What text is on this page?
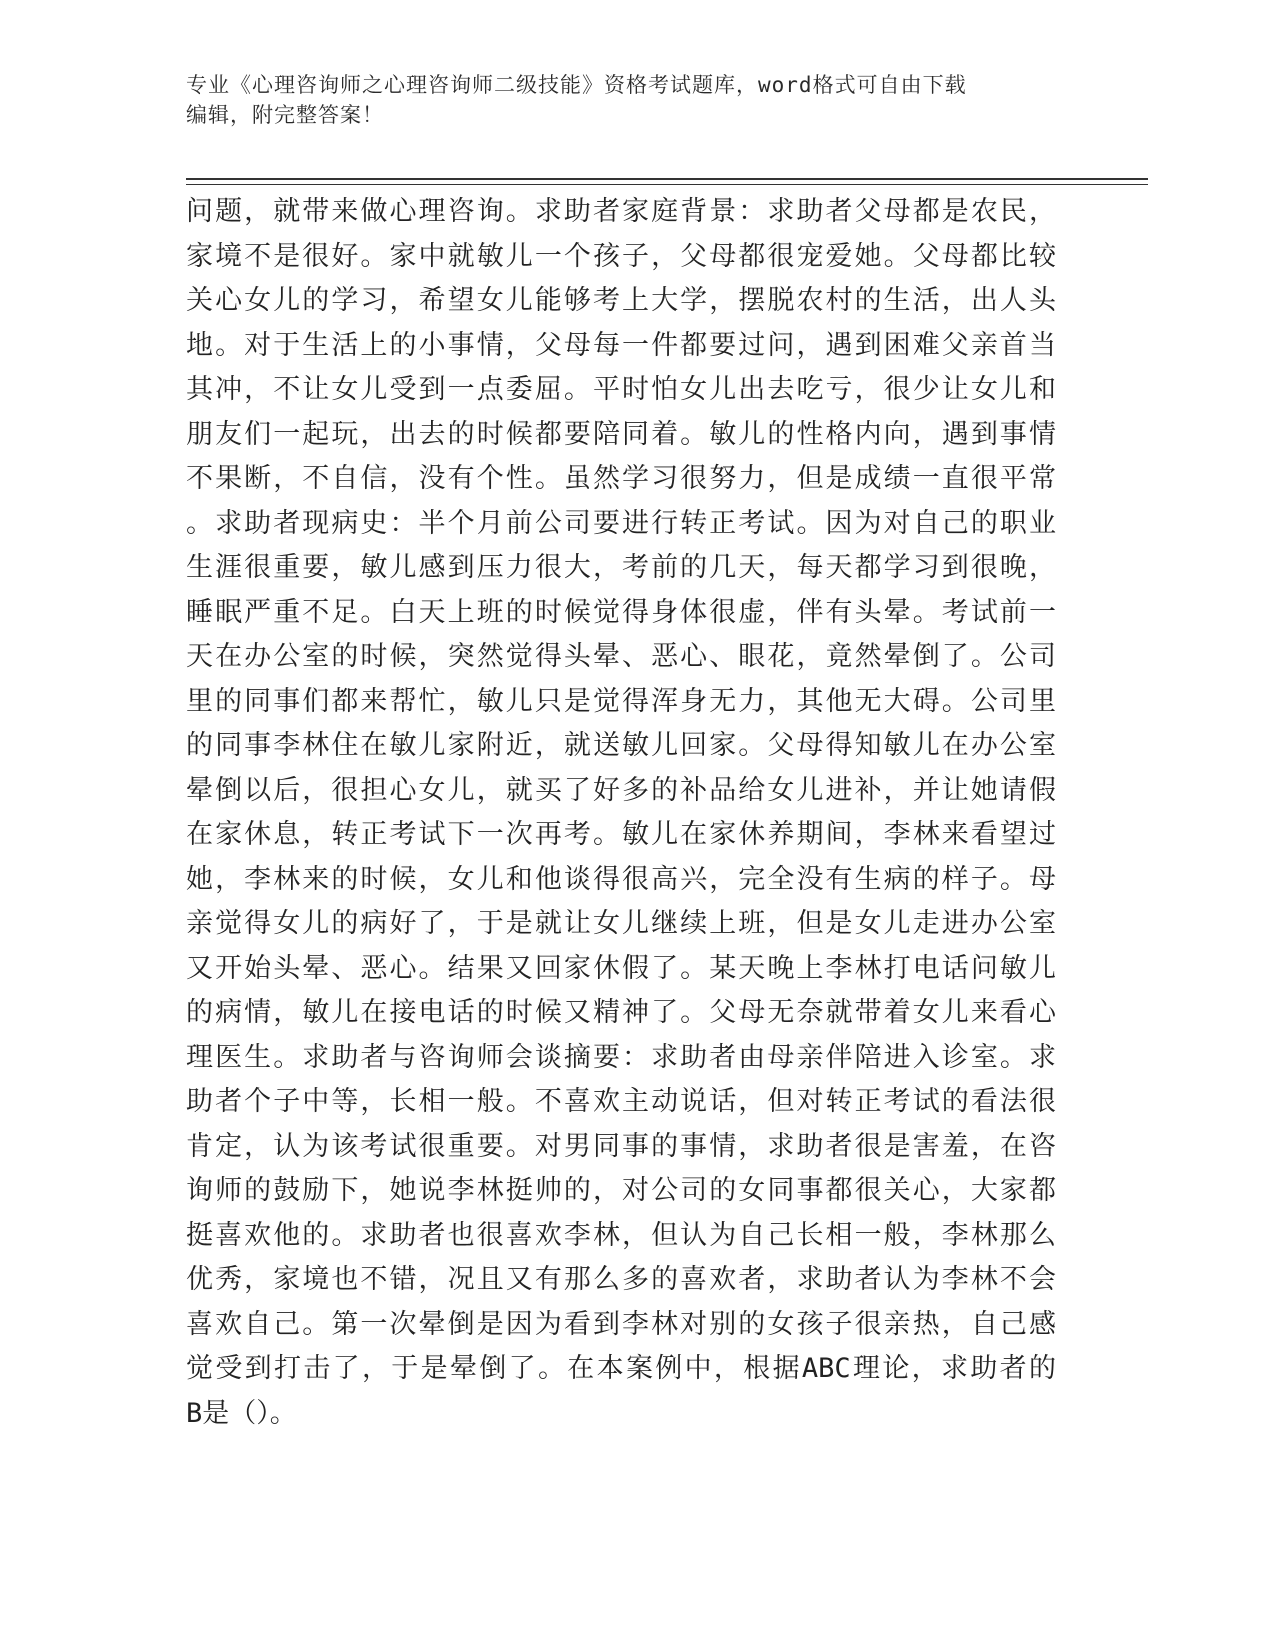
专业《心理咨询师之心理咨询师二级技能》资格考试题库，word格式可自由下载
编辑，附完整答案！
问题，就带来做心理咨询。求助者家庭背景：求助者父母都是农民，
家境不是很好。家中就敏儿一个孩子，父母都很宠爱她。父母都比较
关心女儿的学习，希望女儿能够考上大学，摆脱农村的生活，出人头
地。对于生活上的小事情，父母每一件都要过问，遇到困难父亲首当
其冲，不让女儿受到一点委屈。平时怕女儿出去吃亏，很少让女儿和
朋友们一起玩，出去的时候都要陪同着。敏儿的性格内向，遇到事情
不果断，不自信，没有个性。虽然学习很努力，但是成绩一直很平常
。求助者现病史：半个月前公司要进行转正考试。因为对自己的职业
生涯很重要，敏儿感到压力很大，考前的几天，每天都学习到很晚，
睡眠严重不足。白天上班的时候觉得身体很虚，伴有头晕。考试前一
天在办公室的时候，突然觉得头晕、恶心、眼花，竟然晕倒了。公司
里的同事们都来帮忙，敏儿只是觉得浑身无力，其他无大碍。公司里
的同事李林住在敏儿家附近，就送敏儿回家。父母得知敏儿在办公室
晕倒以后，很担心女儿，就买了好多的补品给女儿进补，并让她请假
在家休息，转正考试下一次再考。敏儿在家休养期间，李林来看望过
她，李林来的时候，女儿和他谈得很高兴，完全没有生病的样子。母
亲觉得女儿的病好了，于是就让女儿继续上班，但是女儿走进办公室
又开始头晕、恶心。结果又回家休假了。某天晚上李林打电话问敏儿
的病情，敏儿在接电话的时候又精神了。父母无奈就带着女儿来看心
理医生。求助者与咨询师会谈摘要：求助者由母亲伴陪进入诊室。求
助者个子中等，长相一般。不喜欢主动说话，但对转正考试的看法很
肯定，认为该考试很重要。对男同事的事情，求助者很是害羞，在咨
询师的鼓励下，她说李林挺帅的，对公司的女同事都很关心，大家都
挺喜欢他的。求助者也很喜欢李林，但认为自己长相一般，李林那么
优秀，家境也不错，况且又有那么多的喜欢者，求助者认为李林不会
喜欢自己。第一次晕倒是因为看到李林对别的女孩子很亲热，自己感
觉受到打击了，于是晕倒了。在本案例中，根据ABC理论，求助者的
B是（）。
